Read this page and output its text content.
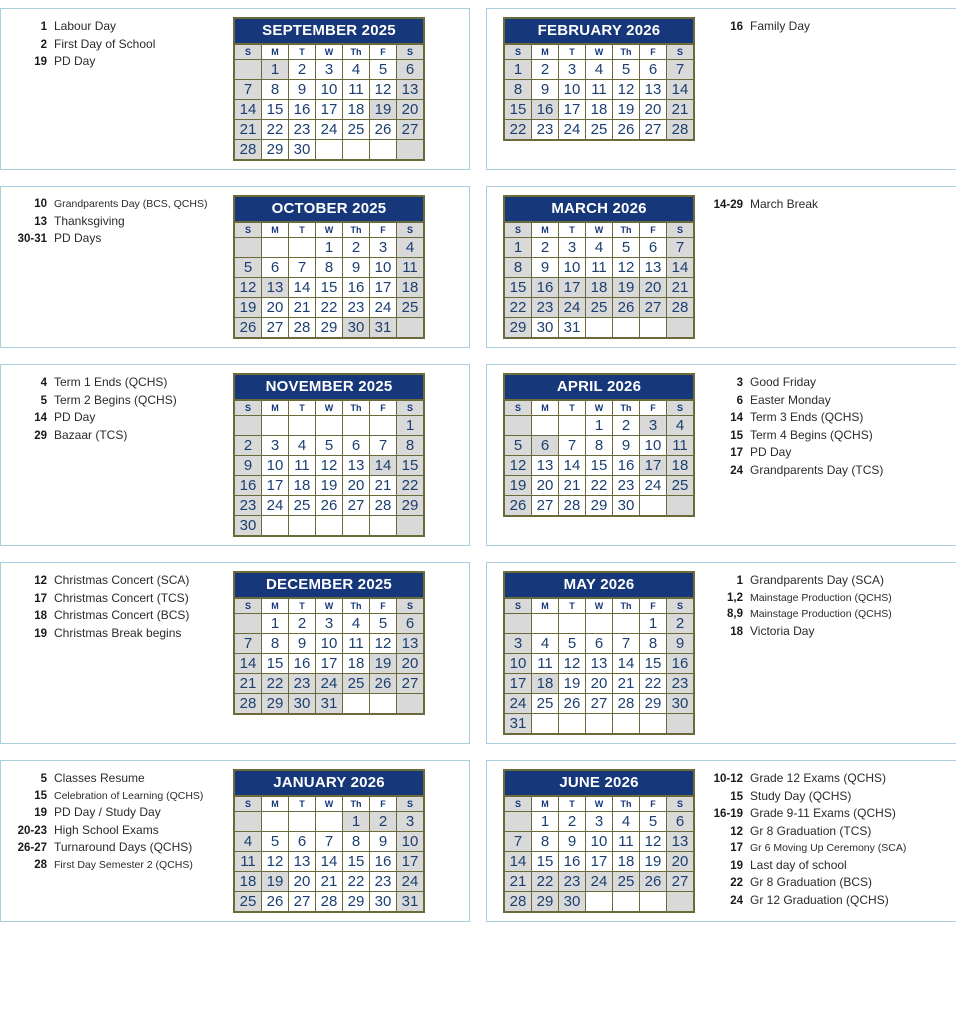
1 Labour Day
2 First Day of School
19 PD Day
SEPTEMBER 2025
S	M	T	W	Th	F	S
	1	2	3	4	5	6
7	8	9	10	11	12	13
14	15	16	17	18	19	20
21	22	23	24	25	26	27
28	29	30				
FEBRUARY 2026
S	M	T	W	Th	F	S
1	2	3	4	5	6	7
8	9	10	11	12	13	14
15	16	17	18	19	20	21
22	23	24	25	26	27	28
16 Family Day
10 Grandparents Day (BCS, QCHS)
13 Thanksgiving
30-31 PD Days
OCTOBER 2025
S	M	T	W	Th	F	S
			1	2	3	4
5	6	7	8	9	10	11
12	13	14	15	16	17	18
19	20	21	22	23	24	25
26	27	28	29	30	31	
MARCH 2026
S	M	T	W	Th	F	S
1	2	3	4	5	6	7
8	9	10	11	12	13	14
15	16	17	18	19	20	21
22	23	24	25	26	27	28
29	30	31				
14-29 March Break
4 Term 1 Ends (QCHS)
5 Term 2 Begins (QCHS)
14 PD Day
29 Bazaar (TCS)
NOVEMBER 2025
S	M	T	W	Th	F	S
						1
2	3	4	5	6	7	8
9	10	11	12	13	14	15
16	17	18	19	20	21	22
23	24	25	26	27	28	29
30						
APRIL 2026
S	M	T	W	Th	F	S
			1	2	3	4
5	6	7	8	9	10	11
12	13	14	15	16	17	18
19	20	21	22	23	24	25
26	27	28	29	30		
3 Good Friday
6 Easter Monday
14 Term 3 Ends (QCHS)
15 Term 4 Begins (QCHS)
17 PD Day
24 Grandparents Day (TCS)
12 Christmas Concert (SCA)
17 Christmas Concert (TCS)
18 Christmas Concert (BCS)
19 Christmas Break begins
DECEMBER 2025
S	M	T	W	Th	F	S
	1	2	3	4	5	6
7	8	9	10	11	12	13
14	15	16	17	18	19	20
21	22	23	24	25	26	27
28	29	30	31			
MAY 2026
S	M	T	W	Th	F	S
					1	2
3	4	5	6	7	8	9
10	11	12	13	14	15	16
17	18	19	20	21	22	23
24	25	26	27	28	29	30
31						
1 Grandparents Day (SCA)
1,2 Mainstage Production (QCHS)
8,9 Mainstage Production (QCHS)
18 Victoria Day
5 Classes Resume
15 Celebration of Learning (QCHS)
19 PD Day / Study Day
20-23 High School Exams
26-27 Turnaround Days (QCHS)
28 First Day Semester 2 (QCHS)
JANUARY 2026
S	M	T	W	Th	F	S
				1	2	3
4	5	6	7	8	9	10
11	12	13	14	15	16	17
18	19	20	21	22	23	24
25	26	27	28	29	30	31
JUNE 2026
S	M	T	W	Th	F	S
	1	2	3	4	5	6
7	8	9	10	11	12	13
14	15	16	17	18	19	20
21	22	23	24	25	26	27
28	29	30				
10-12 Grade 12 Exams (QCHS)
15 Study Day (QCHS)
16-19 Grade 9-11 Exams (QCHS)
12 Gr 8 Graduation (TCS)
17 Gr 6 Moving Up Ceremony (SCA)
19 Last day of school
22 Gr 8 Graduation (BCS)
24 Gr 12 Graduation (QCHS)
